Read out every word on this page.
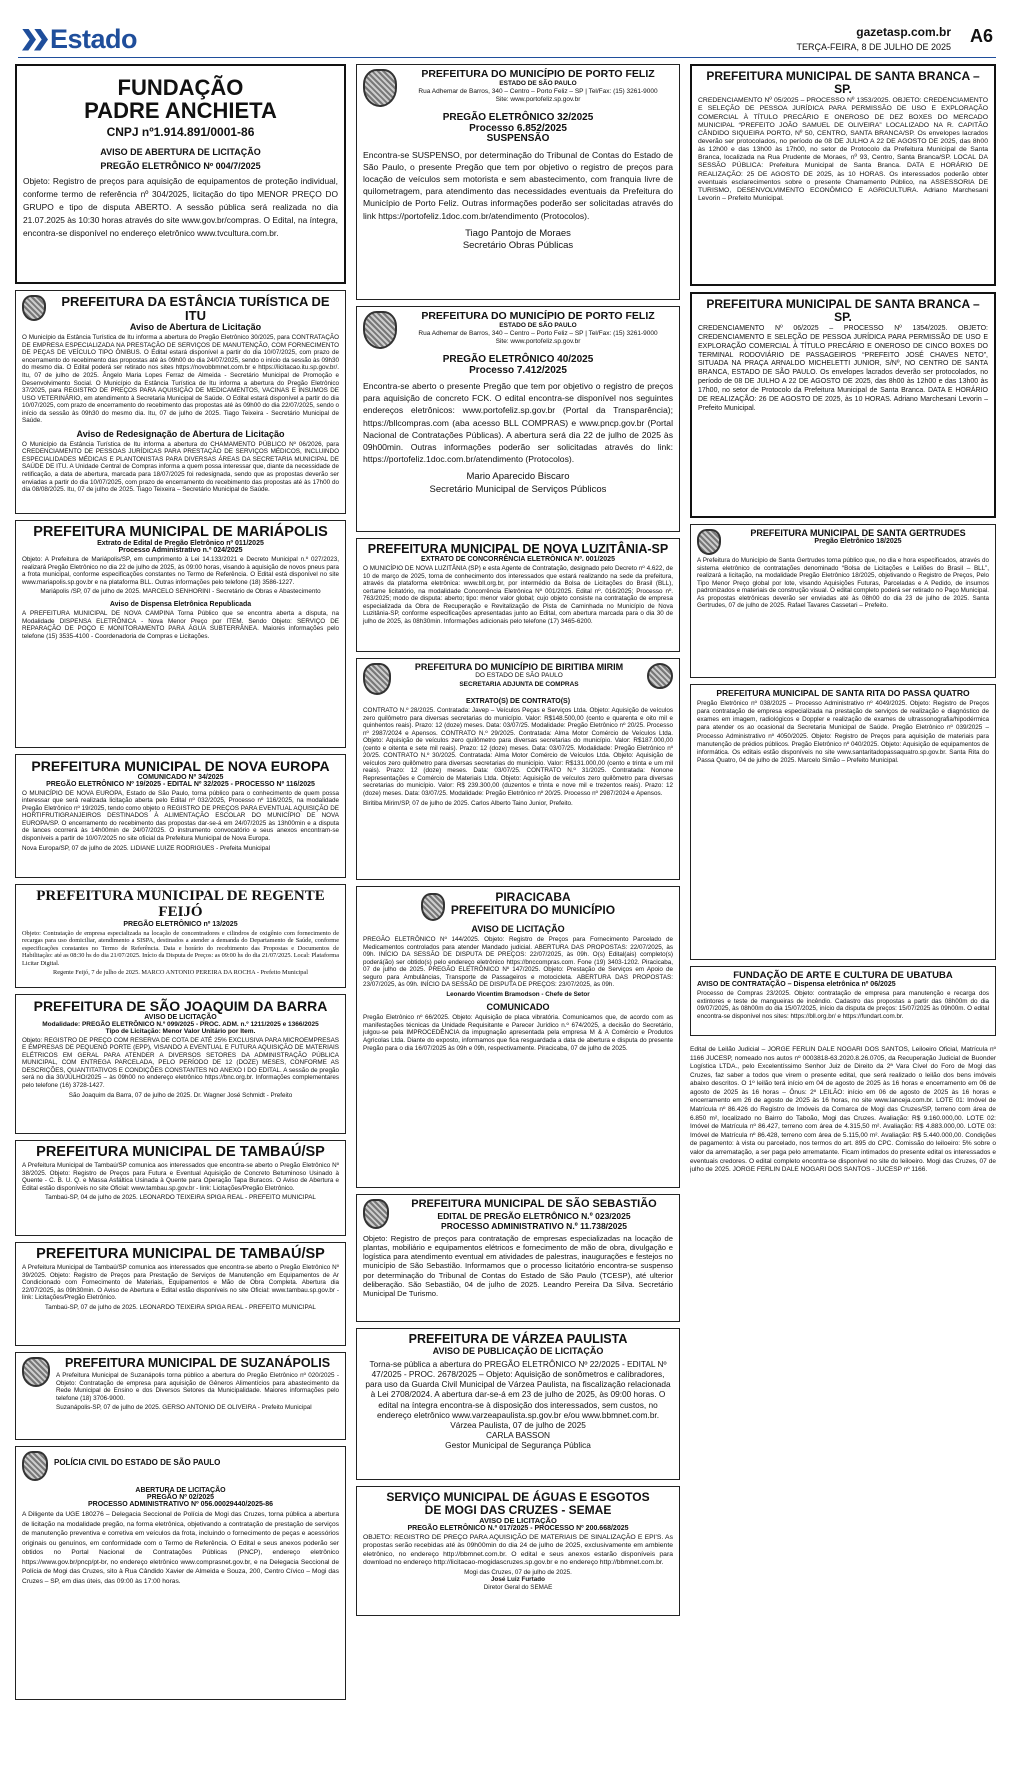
Estado	gazetasp.com.br
TERÇA-FEIRA, 8 DE JULHO DE 2025
A6
FUNDAÇÃO
PADRE ANCHIETA
CNPJ nº1.914.891/0001-86
AVISO DE ABERTURA DE LICITAÇÃO
PREGÃO ELETRÔNICO Nº 004/7/2025
Objeto: Registro de preços para aquisição de equipamentos de proteção individual, conforme termo de referência nº 304/2025, licitação do tipo MENOR PREÇO DO GRUPO e tipo de disputa ABERTO. A sessão pública será realizada no dia 21.07.2025 às 10:30 horas através do site www.gov.br/compras. O Edital, na íntegra, encontra-se disponível no endereço eletrônico www.tvcultura.com.br.
PREFEITURA DA ESTÂNCIA TURÍSTICA DE ITU
Aviso de Abertura de Licitação
O Município da Estância Turística de Itu informa a abertura do Pregão Eletrônico 30/2025, para CONTRATAÇÃO DE EMPRESA ESPECIALIZADA NA PRESTAÇÃO DE SERVIÇOS DE MANUTENÇÃO, COM FORNECIMENTO DE PEÇAS DE VEÍCULO TIPO ÔNIBUS. O Edital estará disponível a partir do dia 10/07/2025, com prazo de encerramento do recebimento das propostas até às 09h00 do dia 24/07/2025, sendo o início da sessão às 09h30 do mesmo dia. O Edital poderá ser retirado nos sites https://novobbmnet.com.br e https://licitacao.itu.sp.gov.br/. Itu, 07 de julho de 2025. Ângelo Maria Lopes Ferraz de Almeida - Secretário Municipal de Promoção e Desenvolvimento Social. O Município da Estância Turística de Itu informa a abertura do Pregão Eletrônico 37/2025, para REGISTRO DE PREÇOS PARA AQUISIÇÃO DE MEDICAMENTOS, VACINAS E INSUMOS DE USO VETERINÁRIO, em atendimento à Secretaria Municipal de Saúde. O Edital estará disponível a partir do dia 10/07/2025, com prazo de encerramento do recebimento das propostas até às 09h00 do dia 22/07/2025, sendo o início da sessão às 09h30 do mesmo dia. Itu, 07 de julho de 2025. Tiago Teixeira - Secretário Municipal de Saúde.
Aviso de Redesignação de Abertura de Licitação
O Município da Estância Turística de Itu informa a abertura do CHAMAMENTO PÚBLICO Nº 06/2026, para CREDENCIAMENTO DE PESSOAS JURÍDICAS PARA PRESTAÇÃO DE SERVIÇOS MÉDICOS, INCLUINDO ESPECIALIDADES MÉDICAS E PLANTONISTAS PARA DIVERSAS ÁREAS DA SECRETARIA MUNICIPAL DE SAÚDE DE ITU. A Unidade Central de Compras informa a quem possa interessar que, diante da necessidade de retificação, a data de abertura, marcada para 18/07/2025 foi redesignada, sendo que as propostas deverão ser enviadas a partir do dia 10/07/2025, com prazo de encerramento do recebimento das propostas até às 17h00 do dia 08/08/2025. Itu, 07 de julho de 2025. Tiago Teixeira – Secretário Municipal de Saúde.
PREFEITURA MUNICIPAL DE MARIÁPOLIS
Extrato de Edital de Pregão Eletrônico nº 011/2025
Processo Administrativo n.º 024/2025
Objeto: A Prefeitura de Mariápolis/SP, em cumprimento à Lei 14.133/2021 e Decreto Municipal n.º 027/2023, realizará Pregão Eletrônico no dia 22 de julho de 2025, às 09:00 horas, visando à aquisição de novos pneus para a frota municipal, conforme especificações constantes no Termo de Referência. O Edital está disponível no site www.mariapolis.sp.gov.br e na plataforma BLL. Outras informações pelo telefone (18) 3586-1227.
Mariápolis /SP, 07 de julho de 2025. MARCELO SENHORINI - Secretário de Obras e Abastecimento
Aviso de Dispensa Eletrônica Republicada
A PREFEITURA MUNICIPAL DE NOVA CAMPINA Torna Público que se encontra aberta a disputa, na Modalidade DISPENSA ELETRÔNICA - Nova Menor Preço por ITEM. Sendo Objeto: SERVIÇO DE REPARAÇÃO DE POÇO E MONITORAMENTO PARA ÁGUA SUBTERRÂNEA. Maiores informações pelo telefone (15) 3535-4100 - Coordenadoria de Compras e Licitações.
PREFEITURA MUNICIPAL DE NOVA EUROPA
COMUNICADO Nº 34/2025
PREGÃO ELETRÔNICO Nº 19/2025 - EDITAL Nº 32/2025 - PROCESSO Nº 116/2025
O MUNICÍPIO DE NOVA EUROPA, Estado de São Paulo, torna público para o conhecimento de quem possa interessar que será realizada licitação aberta pelo Edital nº 032/2025, Processo nº 116/2025, na modalidade Pregão Eletrônico nº 19/2025, tendo como objeto o REGISTRO DE PREÇOS PARA EVENTUAL AQUISIÇÃO DE HORTIFRUTIGRANJEIROS DESTINADOS À ALIMENTAÇÃO ESCOLAR DO MUNICÍPIO DE NOVA EUROPA/SP. O encerramento do recebimento das propostas dar-se-á em 24/07/2025 às 13h00min e a disputa de lances ocorrerá às 14h00min de 24/07/2025. O instrumento convocatório e seus anexos encontram-se disponíveis a partir de 10/07/2025 no site oficial da Prefeitura Municipal de Nova Europa.
Nova Europa/SP, 07 de julho de 2025. LIDIANE LUIZE RODRIGUES - Prefeita Municipal
PREFEITURA MUNICIPAL DE REGENTE FEIJÓ
PREGÃO ELETRÔNICO nº 13/2025
Objeto: Contratação de empresa especializada na locação de concentradores e cilindros de oxigênio com fornecimento de recargas para uso domiciliar, atendimento a SISPA, destinados a atender a demanda do Departamento de Saúde, conforme especificações constantes no Termo de Referência. Data e horário do recebimento das Propostas e Documentos de Habilitação: até as 08:30 hs do dia 21/07/2025. Início da Disputa de Preços: as 09:00 hs do dia 21/07/2025. Local: Plataforma Licitar Digital.
Regente Feijó, 7 de julho de 2025. MARCO ANTONIO PEREIRA DA ROCHA - Prefeito Municipal
PREFEITURA DE SÃO JOAQUIM DA BARRA
AVISO DE LICITAÇÃO
Modalidade: PREGÃO ELETRÔNICO N.º 099/2025 - PROC. ADM. n.º 1211/2025 e 1366/2025
Tipo de Licitação: Menor Valor Unitário por Item.
Objeto: REGISTRO DE PREÇO COM RESERVA DE COTA DE ATÉ 25% EXCLUSIVA PARA MICROEMPRESAS E EMPRESAS DE PEQUENO PORTE (EPP), VISANDO A EVENTUAL E FUTURA AQUISIÇÃO DE MATERIAIS ELÉTRICOS EM GERAL PARA ATENDER A DIVERSOS SETORES DA ADMINISTRAÇÃO PÚBLICA MUNICIPAL, COM ENTREGA PARCELADA, PELO PERÍODO DE 12 (DOZE) MESES, CONFORME AS DESCRIÇÕES, QUANTITATIVOS E CONDIÇÕES CONSTANTES NO ANEXO I DO EDITAL. A sessão de pregão será no dia 30/JULHO/2025 – às 09h00 no endereço eletrônico https://bnc.org.br. Informações complementares pelo telefone (16) 3728-1427.
São Joaquim da Barra, 07 de julho de 2025. Dr. Wagner José Schmidt - Prefeito
PREFEITURA MUNICIPAL DE TAMBAÚ/SP
A Prefeitura Municipal de Tambaú/SP comunica aos interessados que encontra-se aberto o Pregão Eletrônico Nº 38/2025. Objeto: Registro de Preços para Futura e Eventual Aquisição de Concreto Betuminoso Usinado à Quente - C. B. U. Q. e Massa Asfáltica Usinada à Quente para Operação Tapa Buracos. O Aviso de Abertura e Edital estão disponíveis no site Oficial: www.tambau.sp.gov.br - link: Licitações/Pregão Eletrônico.
Tambaú-SP, 04 de julho de 2025. LEONARDO TEIXEIRA SPIGA REAL - PREFEITO MUNICIPAL
PREFEITURA MUNICIPAL DE TAMBAÚ/SP
A Prefeitura Municipal de Tambaú/SP comunica aos interessados que encontra-se aberto o Pregão Eletrônico Nº 39/2025. Objeto: Registro de Preços para Prestação de Serviços de Manutenção em Equipamentos de Ar Condicionado com Fornecimento de Materiais, Equipamentos e Mão de Obra Completa. Abertura dia 22/07/2025, às 09h30min. O Aviso de Abertura e Edital estão disponíveis no site Oficial: www.tambau.sp.gov.br - link: Licitações/Pregão Eletrônico.
Tambaú-SP, 07 de julho de 2025. LEONARDO TEIXEIRA SPIGA REAL - PREFEITO MUNICIPAL
PREFEITURA MUNICIPAL DE SUZANÁPOLIS
A Prefeitura Municipal de Suzanápolis torna público a abertura do Pregão Eletrônico nº 020/2025 - Objeto: Contratação de empresa para aquisição de Gêneros Alimentícios para abastecimento da Rede Municipal de Ensino e dos Diversos Setores da Municipalidade. Maiores informações pelo telefone (18) 3706-9000.
Suzanápolis-SP, 07 de julho de 2025. GERSO ANTONIO DE OLIVEIRA - Prefeito Municipal
POLÍCIA CIVIL DO ESTADO DE SÃO PAULO
ABERTURA DE LICITAÇÃO
PREGÃO Nº 02/2025
PROCESSO ADMINISTRATIVO Nº 056.00029440/2025-86
A Diligente da UGE 180276 – Delegacia Seccional de Polícia de Mogi das Cruzes, torna pública a abertura de licitação na modalidade pregão, na forma eletrônica, objetivando a contratação de prestação de serviços de manutenção preventiva e corretiva em veículos da frota, incluindo o fornecimento de peças e acessórios originais ou genuínos, em conformidade com o Termo de Referência. O Edital e seus anexos poderão ser obtidos no Portal Nacional de Contratações Públicas (PNCP), endereço eletrônico https://www.gov.br/pncp/pt-br, no endereço eletrônico www.comprasnet.gov.br, e na Delegacia Seccional de Polícia de Mogi das Cruzes, sito à Rua Cândido Xavier de Almeida e Souza, 200, Centro Cívico – Mogi das Cruzes – SP, em dias úteis, das 09:00 às 17:00 horas.
PREFEITURA DO MUNICÍPIO DE PORTO FELIZ
ESTADO DE SÃO PAULO
Rua Adhemar de Barros, 340 – Centro – Porto Feliz – SP | Tel/Fax: (15) 3261-9000
Site: www.portofeliz.sp.gov.br
PREGÃO ELETRÔNICO 32/2025
Processo 6.852/2025
SUSPENSÃO
Encontra-se SUSPENSO, por determinação do Tribunal de Contas do Estado de São Paulo, o presente Pregão que tem por objetivo o registro de preços para locação de veículos sem motorista e sem abastecimento, com franquia livre de quilometragem, para atendimento das necessidades eventuais da Prefeitura do Município de Porto Feliz. Outras informações poderão ser solicitadas através do link https://portofeliz.1doc.com.br/atendimento (Protocolos).
Tiago Pantojo de Moraes
Secretário Obras Públicas
PREFEITURA DO MUNICÍPIO DE PORTO FELIZ
ESTADO DE SÃO PAULO
Rua Adhemar de Barros, 340 – Centro – Porto Feliz – SP | Tel/Fax: (15) 3261-9000
Site: www.portofeliz.sp.gov.br
PREGÃO ELETRÔNICO 40/2025
Processo 7.412/2025
Encontra-se aberto o presente Pregão que tem por objetivo o registro de preços para aquisição de concreto FCK. O edital encontra-se disponível nos seguintes endereços eletrônicos: www.portofeliz.sp.gov.br (Portal da Transparência); https://bllcompras.com (aba acesso BLL COMPRAS) e www.pncp.gov.br (Portal Nacional de Contratações Públicas). A abertura será dia 22 de julho de 2025 às 09h00min. Outras informações poderão ser solicitadas através do link: https://portofeliz.1doc.com.br/atendimento (Protocolos).
Mario Aparecido Biscaro
Secretário Municipal de Serviços Públicos
PREFEITURA MUNICIPAL DE NOVA LUZITÂNIA-SP
EXTRATO DE CONCORRÊNCIA ELETRÔNICA Nº. 001/2025
O MUNICÍPIO DE NOVA LUZITÂNIA (SP) e esta Agente de Contratação, designado pelo Decreto nº 4.622, de 10 de março de 2025, torna de conhecimento dos interessados que estará realizando na sede da prefeitura, através da plataforma eletrônica: www.bll.org.br, por intermédio da Bolsa de Licitações do Brasil (BLL), certame licitatório, na modalidade Concorrência Eletrônica Nº 001/2025. Edital nº. 016/2025; Processo nº. 763/2025; modo de disputa: aberto; tipo: menor valor global; cujo objeto consiste na contratação de empresa especializada da Obra de Recuperação e Revitalização de Pista de Caminhada no Município de Nova Luzitânia-SP, conforme especificações apresentadas junto ao Edital, com abertura marcada para o dia 30 de julho de 2025, às 08h30min. Informações adicionais pelo telefone (17) 3465-6200.
PREFEITURA DO MUNICÍPIO DE BIRITIBA MIRIM
DO ESTADO DE SÃO PAULO
SECRETARIA ADJUNTA DE COMPRAS
EXTRATO(S) DE CONTRATO(S)
CONTRATO N.º 28/2025. Contratada: Javep – Veículos Peças e Serviços Ltda. Objeto: Aquisição de veículos zero quilômetro para diversas secretarias do município. Valor: R$148.500,00 (cento e quarenta e oito mil e quinhentos reais). Prazo: 12 (doze) meses. Data: 03/07/25. Modalidade: Pregão Eletrônico nº 20/25. Processo nº 2987/2024 e Apensos. CONTRATO N.º 29/2025. Contratada: Alma Motor Comércio de Veículos Ltda. Objeto: Aquisição de veículos zero quilômetro para diversas secretarias do município. Valor: R$187.000,00 (cento e oitenta e sete mil reais). Prazo: 12 (doze) meses. Data: 03/07/25. Modalidade: Pregão Eletrônico nº 20/25. CONTRATO N.º 30/2025. Contratada: Alma Motor Comércio de Veículos Ltda. Objeto: Aquisição de veículos zero quilômetro para diversas secretarias do município. Valor: R$131.000,00 (cento e trinta e um mil reais). Prazo: 12 (doze) meses. Data: 03/07/25. CONTRATO N.º 31/2025. Contratada: Nonone Representações e Comércio de Materiais Ltda. Objeto: Aquisição de veículos zero quilômetro para diversas secretarias do município. Valor: R$ 239.300,00 (duzentos e trinta e nove mil e trezentos reais). Prazo: 12 (doze) meses. Data: 03/07/25. Modalidade: Pregão Eletrônico nº 20/25. Processo nº 2987/2024 e Apensos.
Biritiba Mirim/SP, 07 de julho de 2025. Carlos Alberto Taino Junior, Prefeito.
PIRACICABA
PREFEITURA DO MUNICÍPIO
AVISO DE LICITAÇÃO
PREGÃO ELETRÔNICO Nº 144/2025. Objeto: Registro de Preços para Fornecimento Parcelado de Medicamentos controlados para atender Mandado judicial. ABERTURA DAS PROPOSTAS: 22/07/2025, às 09h. INÍCIO DA SESSÃO DE DISPUTA DE PREÇOS: 22/07/2025, às 09h. O(s) Edital(ais) completo(s) poderá(ão) ser obtido(s) pelo endereço eletrônico https://bnccompras.com. Fone (19) 3403-1202. Piracicaba, 07 de julho de 2025. PREGÃO ELETRÔNICO Nº 147/2025. Objeto: Prestação de Serviços em Apoio de seguro para Ambulâncias, Transporte de Passageiros e motocicleta. ABERTURA DAS PROPOSTAS: 23/07/2025, às 09h. INÍCIO DA SESSÃO DE DISPUTA DE PREÇOS: 23/07/2025, às 09h.
Leonardo Vicentim Bramodson - Chefe de Setor
COMUNICADO
Pregão Eletrônico nº 66/2025. Objeto: Aquisição de placa vibratória. Comunicamos que, de acordo com as manifestações técnicas da Unidade Requisitante e Parecer Jurídico n.º 674/2025, a decisão do Secretário, julgou-se pela IMPROCEDÊNCIA da impugnação apresentada pela empresa M & A Comércio e Produtos Agrícolas Ltda. Diante do exposto, informamos que fica resguardada a data de abertura e disputa do presente Pregão para o dia 16/07/2025 às 09h e 09h, respectivamente. Piracicaba, 07 de julho de 2025.
PREFEITURA MUNICIPAL DE SÃO SEBASTIÃO
EDITAL DE PREGÃO ELETRÔNICO N.º 023/2025
PROCESSO ADMINISTRATIVO N.º 11.738/2025
Objeto: Registro de preços para contratação de empresas especializadas na locação de plantas, mobiliário e equipamentos elétricos e fornecimento de mão de obra, divulgação e logística para atendimento eventual em atividades de palestras, inaugurações e festejos no município de São Sebastião. Informamos que o processo licitatório encontra-se suspenso por determinação do Tribunal de Contas do Estado de São Paulo (TCESP), até ulterior deliberação. São Sebastião, 04 de julho de 2025. Leandro Pereira Da Silva. Secretário Municipal De Turismo.
PREFEITURA DE VÁRZEA PAULISTA
AVISO DE PUBLICAÇÃO DE LICITAÇÃO
Torna-se pública a abertura do PREGÃO ELETRÔNICO Nº 22/2025 - EDITAL Nº 47/2025 - PROC. 2678/2025 – Objeto: Aquisição de sonômetros e calibradores, para uso da Guarda Civil Municipal de Várzea Paulista, na fiscalização relacionada à Lei 2708/2024. A abertura dar-se-á em 23 de julho de 2025, às 09:00 horas. O edital na íntegra encontra-se à disposição dos interessados, sem custos, no endereço eletrônico www.varzeapaulista.sp.gov.br e/ou www.bbmnet.com.br.
Várzea Paulista, 07 de julho de 2025
CARLA BASSON
Gestor Municipal de Segurança Pública
SERVIÇO MUNICIPAL DE ÁGUAS E ESGOTOS
DE MOGI DAS CRUZES - SEMAE
AVISO DE LICITAÇÃO
PREGÃO ELETRÔNICO N.º 017/2025 - PROCESSO Nº 200.668/2025
OBJETO: REGISTRO DE PREÇO PARA AQUISIÇÃO DE MATERIAIS DE SINALIZAÇÃO E EPI'S. As propostas serão recebidas até às 09h00min do dia 24 de julho de 2025, exclusivamente em ambiente eletrônico, no endereço http://bbmnet.com.br. O edital e seus anexos estarão disponíveis para download no endereço http://licitacao-mogidascruzes.sp.gov.br e no endereço http://bbmnet.com.br.
Mogi das Cruzes, 07 de julho de 2025.
José Luiz Furtado
Diretor Geral do SEMAE
PREFEITURA MUNICIPAL DE SANTA BRANCA – SP.
CREDENCIAMENTO Nº 05/2025 – PROCESSO Nº 1353/2025. OBJETO: CREDENCIAMENTO E SELEÇÃO DE PESSOA JURÍDICA PARA PERMISSÃO DE USO E EXPLORAÇÃO COMERCIAL À TÍTULO PRECÁRIO E ONEROSO DE DEZ BOXES DO MERCADO MUNICIPAL “PREFEITO JOÃO SAMUEL DE OLIVEIRA” LOCALIZADO NA R. CAPITÃO CÂNDIDO SIQUEIRA PORTO, Nº 50, CENTRO, SANTA BRANCA/SP. Os envelopes lacrados deverão ser protocolados, no período de 08 DE JULHO A 22 DE AGOSTO DE 2025, das 8h00 às 12h00 e das 13h00 às 17h00, no setor de Protocolo da Prefeitura Municipal de Santa Branca, localizada na Rua Prudente de Moraes, nº 93, Centro, Santa Branca/SP. LOCAL DA SESSÃO PÚBLICA: Prefeitura Municipal de Santa Branca. DATA E HORÁRIO DE REALIZAÇÃO: 25 DE AGOSTO DE 2025, às 10 HORAS. Os interessados poderão obter eventuais esclarecimentos sobre o presente Chamamento Público, na ASSESSORIA DE TURISMO, DESENVOLVIMENTO ECONÔMICO E AGRICULTURA. Adriano Marchesani Levorin – Prefeito Municipal.
PREFEITURA MUNICIPAL DE SANTA BRANCA – SP.
CREDENCIAMENTO Nº 06/2025 – PROCESSO Nº 1354/2025. OBJETO: CREDENCIAMENTO E SELEÇÃO DE PESSOA JURÍDICA PARA PERMISSÃO DE USO E EXPLORAÇÃO COMERCIAL À TÍTULO PRECÁRIO E ONEROSO DE CINCO BOXES DO TERMINAL RODOVIÁRIO DE PASSAGEIROS “PREFEITO JOSÉ CHAVES NETO”, SITUADA NA PRAÇA ARNALDO MICHELETTI JUNIOR, S/Nº, NO CENTRO DE SANTA BRANCA, ESTADO DE SÃO PAULO. Os envelopes lacrados deverão ser protocolados, no período de 08 DE JULHO A 22 DE AGOSTO DE 2025, das 8h00 às 12h00 e das 13h00 às 17h00, no setor de Protocolo da Prefeitura Municipal de Santa Branca. DATA E HORÁRIO DE REALIZAÇÃO: 26 DE AGOSTO DE 2025, às 10 HORAS. Adriano Marchesani Levorin – Prefeito Municipal.
PREFEITURA MUNICIPAL DE SANTA GERTRUDES
Pregão Eletrônico 18/2025
A Prefeitura do Município de Santa Gertrudes torna público que, no dia e hora especificados, através do sistema eletrônico de contratações denominado “Bolsa de Licitações e Leilões do Brasil – BLL”, realizará a licitação, na modalidade Pregão Eletrônico 18/2025, objetivando o Registro de Preços, Pelo Tipo Menor Preço global por lote, visando Aquisições Futuras, Parceladas e A Pedido, de insumos padronizados e materiais de construção visual. O edital completo poderá ser retirado no Paço Municipal. As propostas eletrônicas deverão ser enviadas até às 08h00 do dia 23 de julho de 2025. Santa Gertrudes, 07 de julho de 2025. Rafael Tavares Cassetari – Prefeito.
PREFEITURA MUNICIPAL DE SANTA RITA DO PASSA QUATRO
Pregão Eletrônico nº 038/2025 – Processo Administrativo nº 4049/2025. Objeto: Registro de Preços para contratação de empresa especializada na prestação de serviços de realização e diagnóstico de exames em imagem, radiológicos e Doppler e realização de exames de ultrassonografia/hipodérmica para atender os ao ocasional da Secretaria Municipal de Saúde. Pregão Eletrônico nº 039/2025 – Processo Administrativo nº 4050/2025. Objeto: Registro de Preços para aquisição de materiais para manutenção de prédios públicos. Pregão Eletrônico nº 040/2025. Objeto: Aquisição de equipamentos de informática. Os editais estão disponíveis no site www.santaritadopassaquatro.sp.gov.br. Santa Rita do Passa Quatro, 04 de julho de 2025. Marcelo Simão – Prefeito Municipal.
FUNDAÇÃO DE ARTE E CULTURA DE UBATUBA
AVISO DE CONTRATAÇÃO – Dispensa eletrônica nº 06/2025
Processo de Compras 23/2025. Objeto: contratação de empresa para manutenção e recarga dos extintores e teste de mangueiras de incêndio. Cadastro das propostas a partir das 08h00m do dia 09/07/2025, às 08h00m do dia 15/07/2025, início da disputa de preços: 15/07/2025 às 09h00m. O edital encontra-se disponível nos sites: https://bll.org.br/ e https://fundart.com.br.
Edital de Leilão Judicial – JORGE FERLIN DALE NOGARI DOS SANTOS, Leiloeiro Oficial, Matrícula nº 1166 JUCESP, nomeado nos autos nº 0003818-63.2020.8.26.0705, da Recuperação Judicial de Buonder Logística LTDA., pelo Excelentíssimo Senhor Juiz de Direito da 2ª Vara Cível do Foro de Mogi das Cruzes, faz saber a todos que virem o presente edital, que será realizado o leilão dos bens imóveis abaixo descritos. O 1º leilão terá início em 04 de agosto de 2025 às 16 horas e encerramento em 06 de agosto de 2025 às 16 horas – Ônus: 2º LEILÃO: início em 06 de agosto de 2025 às 16 horas e encerramento em 26 de agosto de 2025 às 16 horas, no site www.lanceja.com.br. LOTE 01: Imóvel de Matrícula nº 86.426 do Registro de Imóveis da Comarca de Mogi das Cruzes/SP, terreno com área de 6.850 m², localizado no Bairro do Taboão, Mogi das Cruzes. Avaliação: R$ 9.160.000,00. LOTE 02: Imóvel de Matrícula nº 86.427, terreno com área de 4.315,50 m². Avaliação: R$ 4.883.000,00. LOTE 03: Imóvel de Matrícula nº 86.428, terreno com área de 5.115,00 m². Avaliação: R$ 5.440.000,00. Condições de pagamento: à vista ou parcelado, nos termos do art. 895 do CPC. Comissão do leiloeiro: 5% sobre o valor da arrematação, a ser paga pelo arrematante. Ficam intimados do presente edital os interessados e eventuais credores. O edital completo encontra-se disponível no site do leiloeiro. Mogi das Cruzes, 07 de julho de 2025. JORGE FERLIN DALE NOGARI DOS SANTOS - JUCESP nº 1166.
